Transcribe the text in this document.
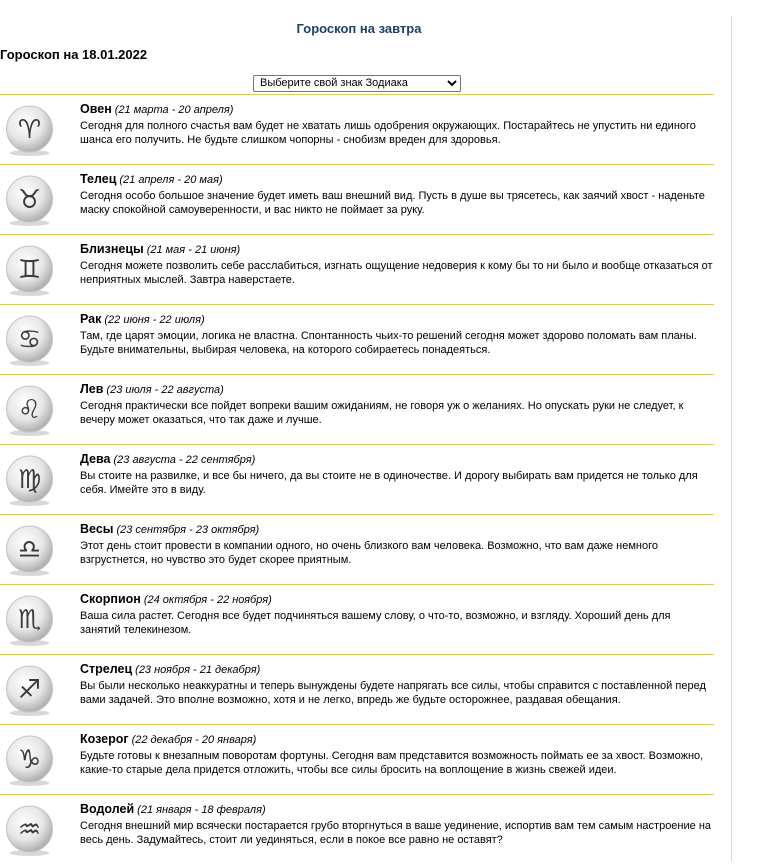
Гороскоп на завтра
Гороскоп на 18.01.2022
Выберите свой знак Зодиака
♈︎
Овен (21 марта - 20 апреля)
Сегодня для полного счастья вам будет не хватать лишь одобрения окружающих. Постарайтесь не упустить ни единого шанса его получить. Не будьте слишком чопорны - снобизм вреден для здоровья.
♉︎
Телец (21 апреля - 20 мая)
Сегодня особо большое значение будет иметь ваш внешний вид. Пусть в душе вы трясетесь, как заячий хвост - наденьте маску спокойной самоуверенности, и вас никто не поймает за руку.
♊︎
Близнецы (21 мая - 21 июня)
Сегодня можете позволить себе расслабиться, изгнать ощущение недоверия к кому бы то ни было и вообще отказаться от неприятных мыслей. Завтра наверстаете.
♋︎
Рак (22 июня - 22 июля)
Там, где царят эмоции, логика не властна. Спонтанность чьих-то решений сегодня может здорово поломать вам планы. Будьте внимательны, выбирая человека, на которого собираетесь понадеяться.
♌︎
Лев (23 июля - 22 августа)
Сегодня практически все пойдет вопреки вашим ожиданиям, не говоря уж о желаниях. Но опускать руки не следует, к вечеру может оказаться, что так даже и лучше.
♍︎
Дева (23 августа - 22 сентября)
Вы стоите на развилке, и все бы ничего, да вы стоите не в одиночестве. И дорогу выбирать вам придется не только для себя. Имейте это в виду.
♎︎
Весы (23 сентября - 23 октября)
Этот день стоит провести в компании одного, но очень близкого вам человека. Возможно, что вам даже немного взгрустнется, но чувство это будет скорее приятным.
♏︎
Скорпион (24 октября - 22 ноября)
Ваша сила растет. Сегодня все будет подчиняться вашему слову, о что-то, возможно, и взгляду. Хороший день для занятий телекинезом.
♐︎
Стрелец (23 ноября - 21 декабря)
Вы были несколько неаккуратны и теперь вынуждены будете напрягать все силы, чтобы справится с поставленной перед вами задачей. Это вполне возможно, хотя и не легко, впредь же будьте осторожнее, раздавая обещания.
♑︎
Козерог (22 декабря - 20 января)
Будьте готовы к внезапным поворотам фортуны. Сегодня вам представится возможность поймать ее за хвост. Возможно, какие-то старые дела придется отложить, чтобы все силы бросить на воплощение в жизнь свежей идеи.
♒︎
Водолей (21 января - 18 февраля)
Сегодня внешний мир всячески постарается грубо вторгнуться в ваше уединение, испортив вам тем самым настроение на весь день. Задумайтесь, стоит ли уединяться, если в покое все равно не оставят?
